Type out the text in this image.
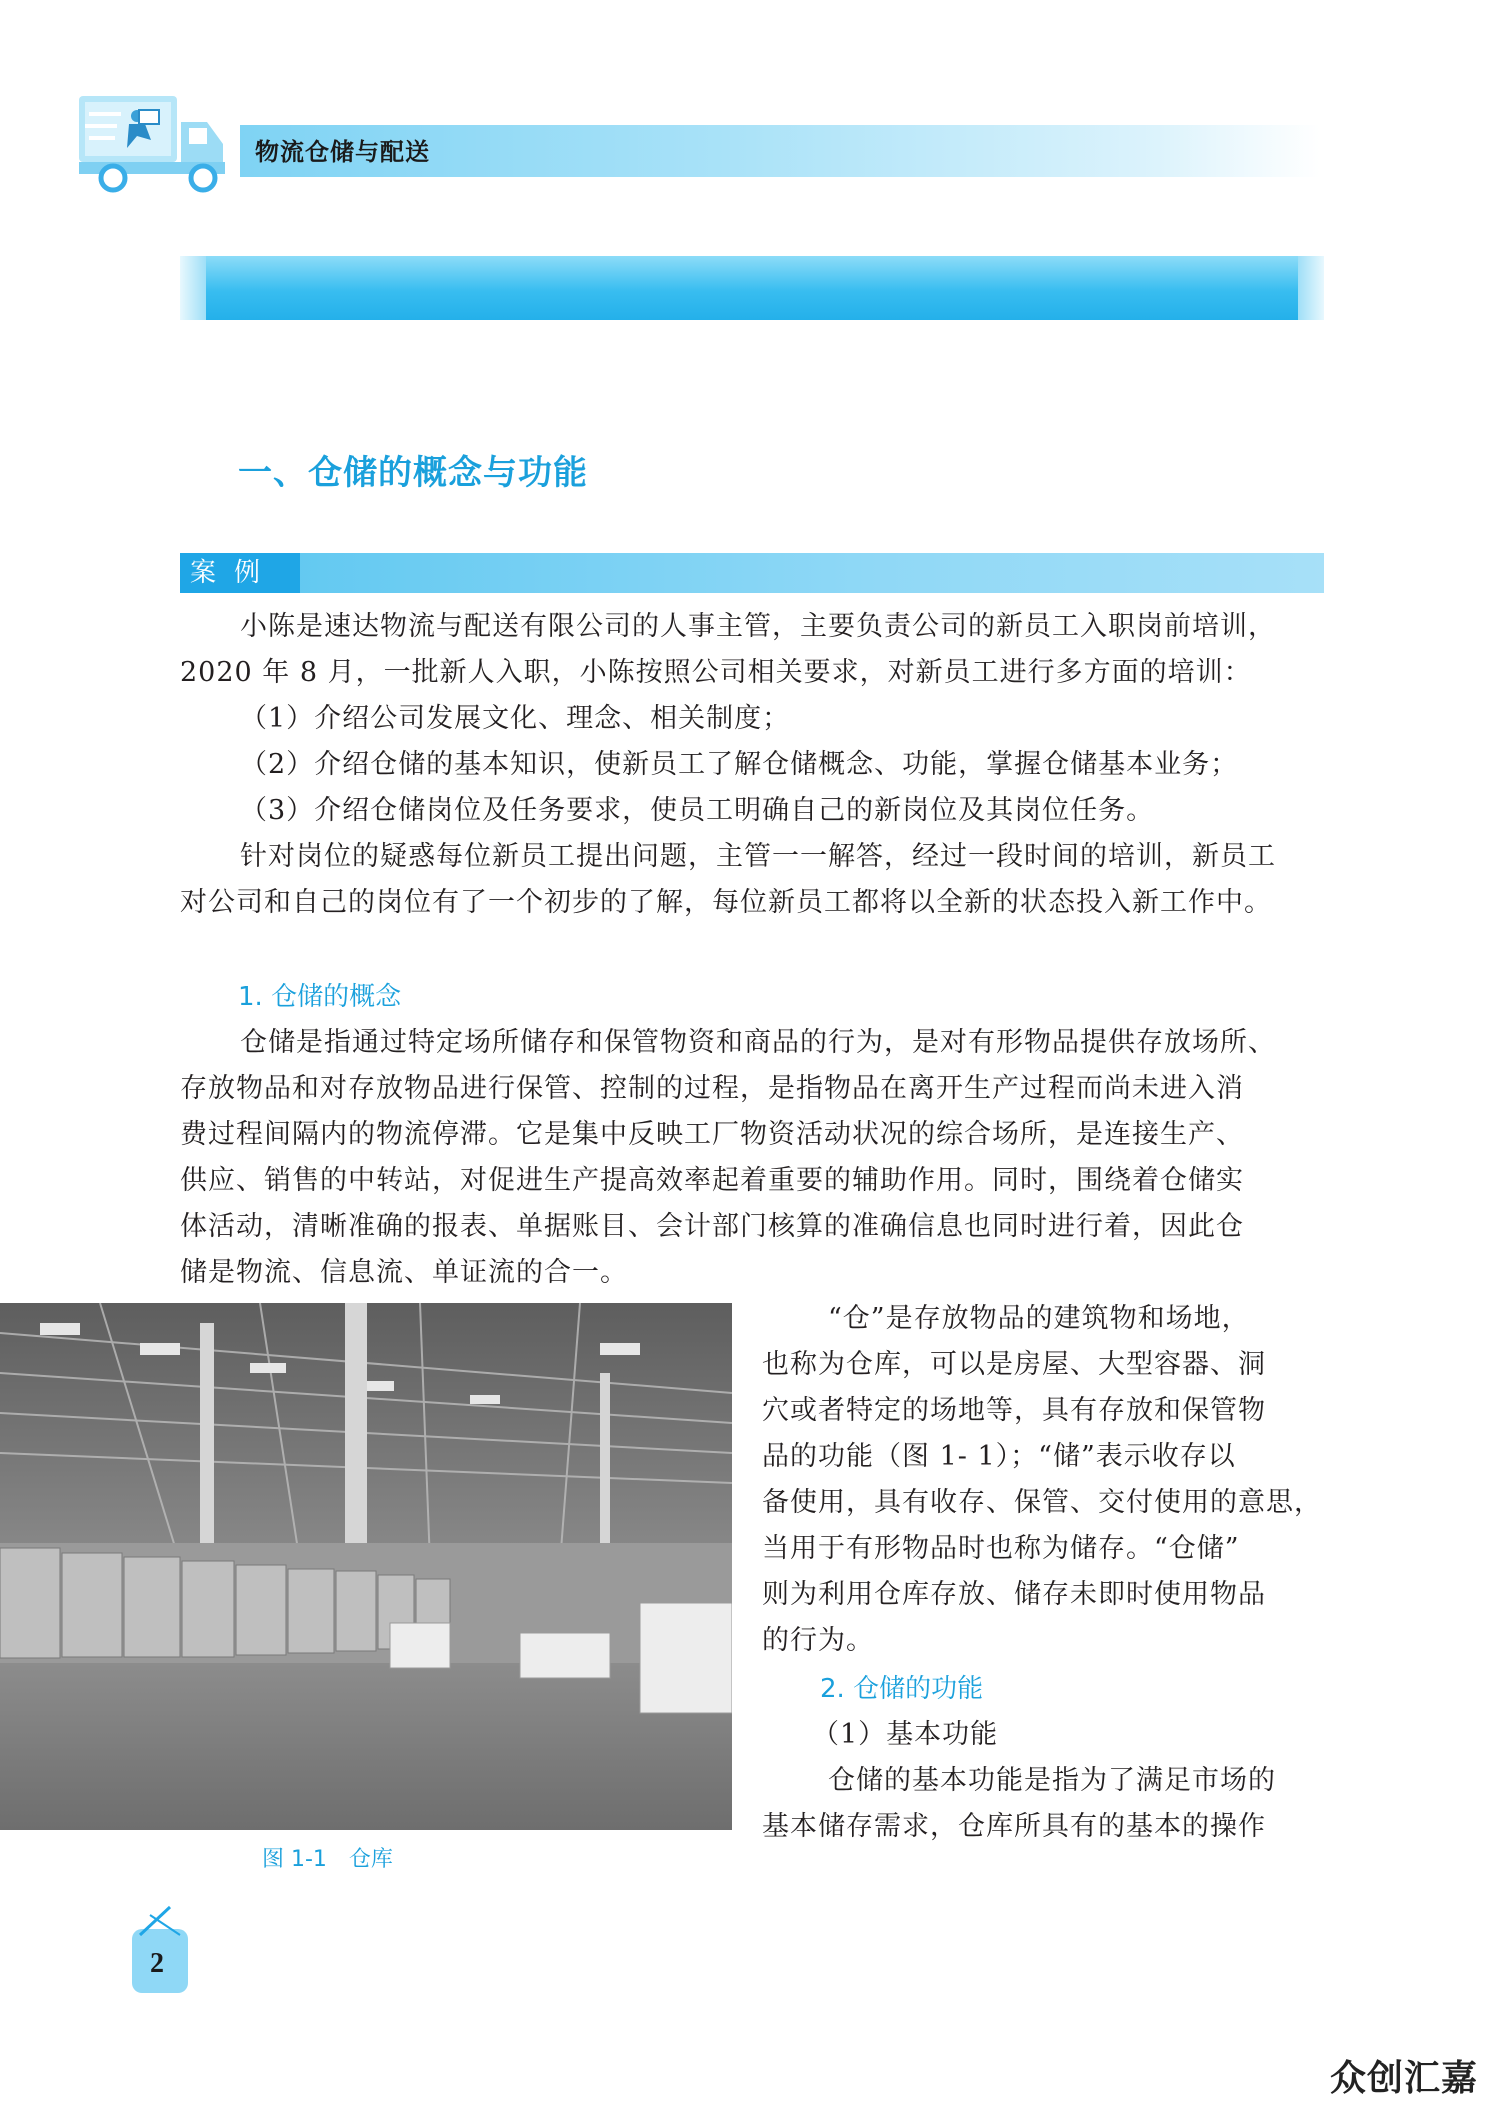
物流仓储与配送
一、仓储的概念与功能
案例
小陈是速达物流与配送有限公司的人事主管，主要负责公司的新员工入职岗前培训，
2020 年 8 月，一批新人入职，小陈按照公司相关要求，对新员工进行多方面的培训：
（1）介绍公司发展文化、理念、相关制度；
（2）介绍仓储的基本知识，使新员工了解仓储概念、功能，掌握仓储基本业务；
（3）介绍仓储岗位及任务要求，使员工明确自己的新岗位及其岗位任务。
针对岗位的疑惑每位新员工提出问题，主管一一解答，经过一段时间的培训，新员工
对公司和自己的岗位有了一个初步的了解，每位新员工都将以全新的状态投入新工作中。
1. 仓储的概念
仓储是指通过特定场所储存和保管物资和商品的行为，是对有形物品提供存放场所、
存放物品和对存放物品进行保管、控制的过程，是指物品在离开生产过程而尚未进入消
费过程间隔内的物流停滞。它是集中反映工厂物资活动状况的综合场所，是连接生产、
供应、销售的中转站，对促进生产提高效率起着重要的辅助作用。同时，围绕着仓储实
体活动，清晰准确的报表、单据账目、会计部门核算的准确信息也同时进行着，因此仓
储是物流、信息流、单证流的合一。
“仓”是存放物品的建筑物和场地，
也称为仓库，可以是房屋、大型容器、洞
穴或者特定的场地等，具有存放和保管物
品的功能（图 1- 1）；“储”表示收存以
备使用，具有收存、保管、交付使用的意思，
当用于有形物品时也称为储存。“仓储”
则为利用仓库存放、储存未即时使用物品
的行为。
2. 仓储的功能
（1）基本功能
仓储的基本功能是指为了满足市场的
基本储存需求，仓库所具有的基本的操作
图 1-1　仓库
2
众创汇嘉
